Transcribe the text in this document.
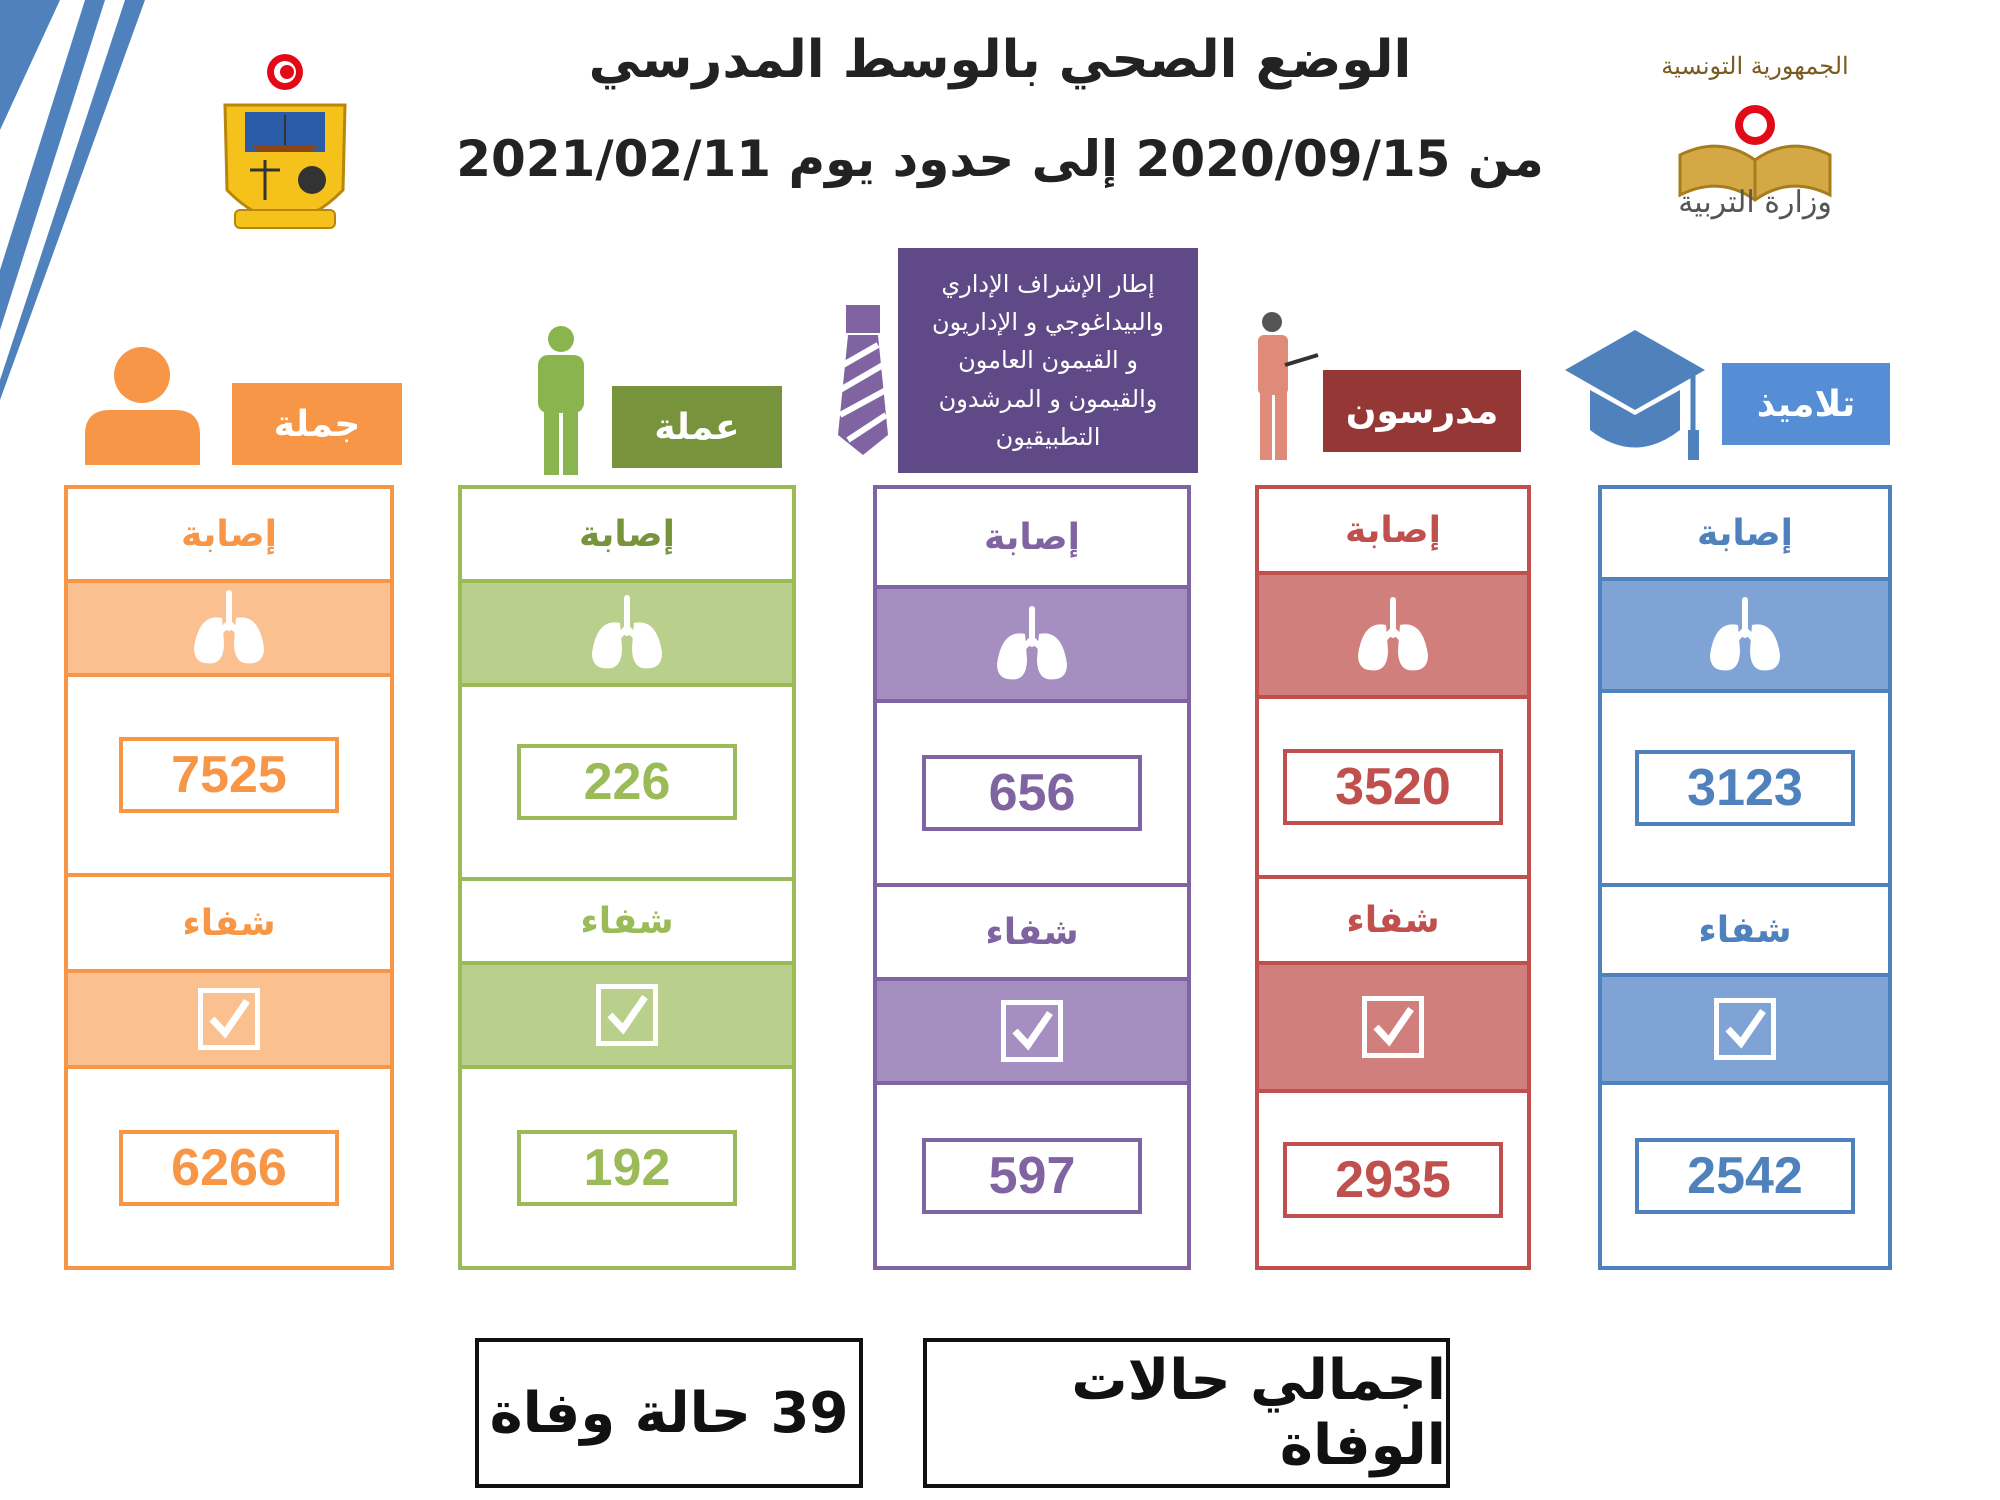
الجمهورية التونسية
وزارة التربية
الوضع الصحي بالوسط المدرسي
من 2020/09/15 إلى حدود يوم 2021/02/11
جملة	عملة
إطار الإشراف الإداري
والبيداغوجي و الإداريون
و القيمون العامون
والقيمون و المرشدون
التطبيقيون
مدرسون	تلاميذ
إصابة
7525
شفاء
6266
إصابة
226
شفاء
192
إصابة
656
شفاء
597
إصابة
3520
شفاء
2935
إصابة
3123
شفاء
2542
39 حالة وفاة	اجمالي حالات الوفاة
